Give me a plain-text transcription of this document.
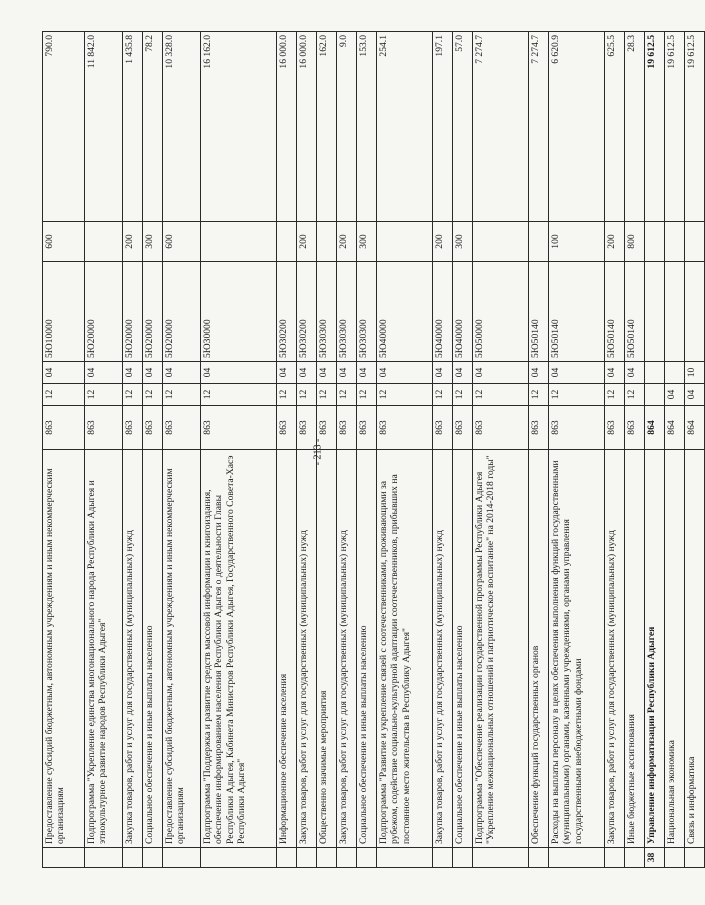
- 213 -
	Предоставление субсидий бюджетным, автономным учреждениям и иным некоммерческим организациям	863	12	04	5Ю10000	600	790.0
	Подпрограмма "Укрепление единства многонационального народа Республики Адыгея и этнокультурное развитие народов Республики Адыгея"	863	12	04	5Ю20000		11 842.0
	Закупка товаров, работ и услуг для государственных (муниципальных) нужд	863	12	04	5Ю20000	200	1 435.8
	Социальное обеспечение и иные выплаты населению	863	12	04	5Ю20000	300	78.2
	Предоставление субсидий бюджетным, автономным учреждениям и иным некоммерческим организациям	863	12	04	5Ю20000	600	10 328.0
	Подпрограмма "Поддержка и развитие средств массовой информации и книгоиздания, обеспечение информированием населения Республики Адыгея о деятельности Главы Республики Адыгея, Кабинета Министров Республики Адыгея, Государственного Совета-Хасэ Республики Адыгея"	863	12	04	5Ю30000		16 162.0
	Информационное обеспечение населения	863	12	04	5Ю30200		16 000.0
	Закупка товаров, работ и услуг для государственных (муниципальных) нужд	863	12	04	5Ю30200	200	16 000.0
	Общественно значимые мероприятия	863	12	04	5Ю30300		162.0
	Закупка товаров, работ и услуг для государственных (муниципальных) нужд	863	12	04	5Ю30300	200	9.0
	Социальное обеспечение и иные выплаты населению	863	12	04	5Ю30300	300	153.0
	Подпрограмма "Развитие и укрепление связей с соотечественниками, проживающими за рубежом, содействие социально-культурной адаптации соотечественников, прибывших на постоянное место жительства в Республику Адыгея"	863	12	04	5Ю40000		254.1
	Закупка товаров, работ и услуг для государственных (муниципальных) нужд	863	12	04	5Ю40000	200	197.1
	Социальное обеспечение и иные выплаты населению	863	12	04	5Ю40000	300	57.0
	Подпрограмма "Обеспечение реализации государственной программы Республики Адыгея "Укрепление межнациональных отношений и патриотическое воспитание" на 2014-2018 годы"	863	12	04	5Ю50000		7 274.7
	Обеспечение функций государственных органов	863	12	04	5Ю50140		7 274.7
	Расходы на выплаты персоналу в целях обеспечения выполнения функций государственными (муниципальными) органами, казенными учреждениями, органами управления государственными внебюджетными фондами	863	12	04	5Ю50140	100	6 620.9
	Закупка товаров, работ и услуг для государственных (муниципальных) нужд	863	12	04	5Ю50140	200	625.5
	Иные бюджетные ассигнования	863	12	04	5Ю50140	800	28.3
38	Управление информатизации Республики Адыгея	864					19 612.5
	Национальная экономика	864	04				19 612.5
	Связь и информатика	864	04	10			19 612.5
